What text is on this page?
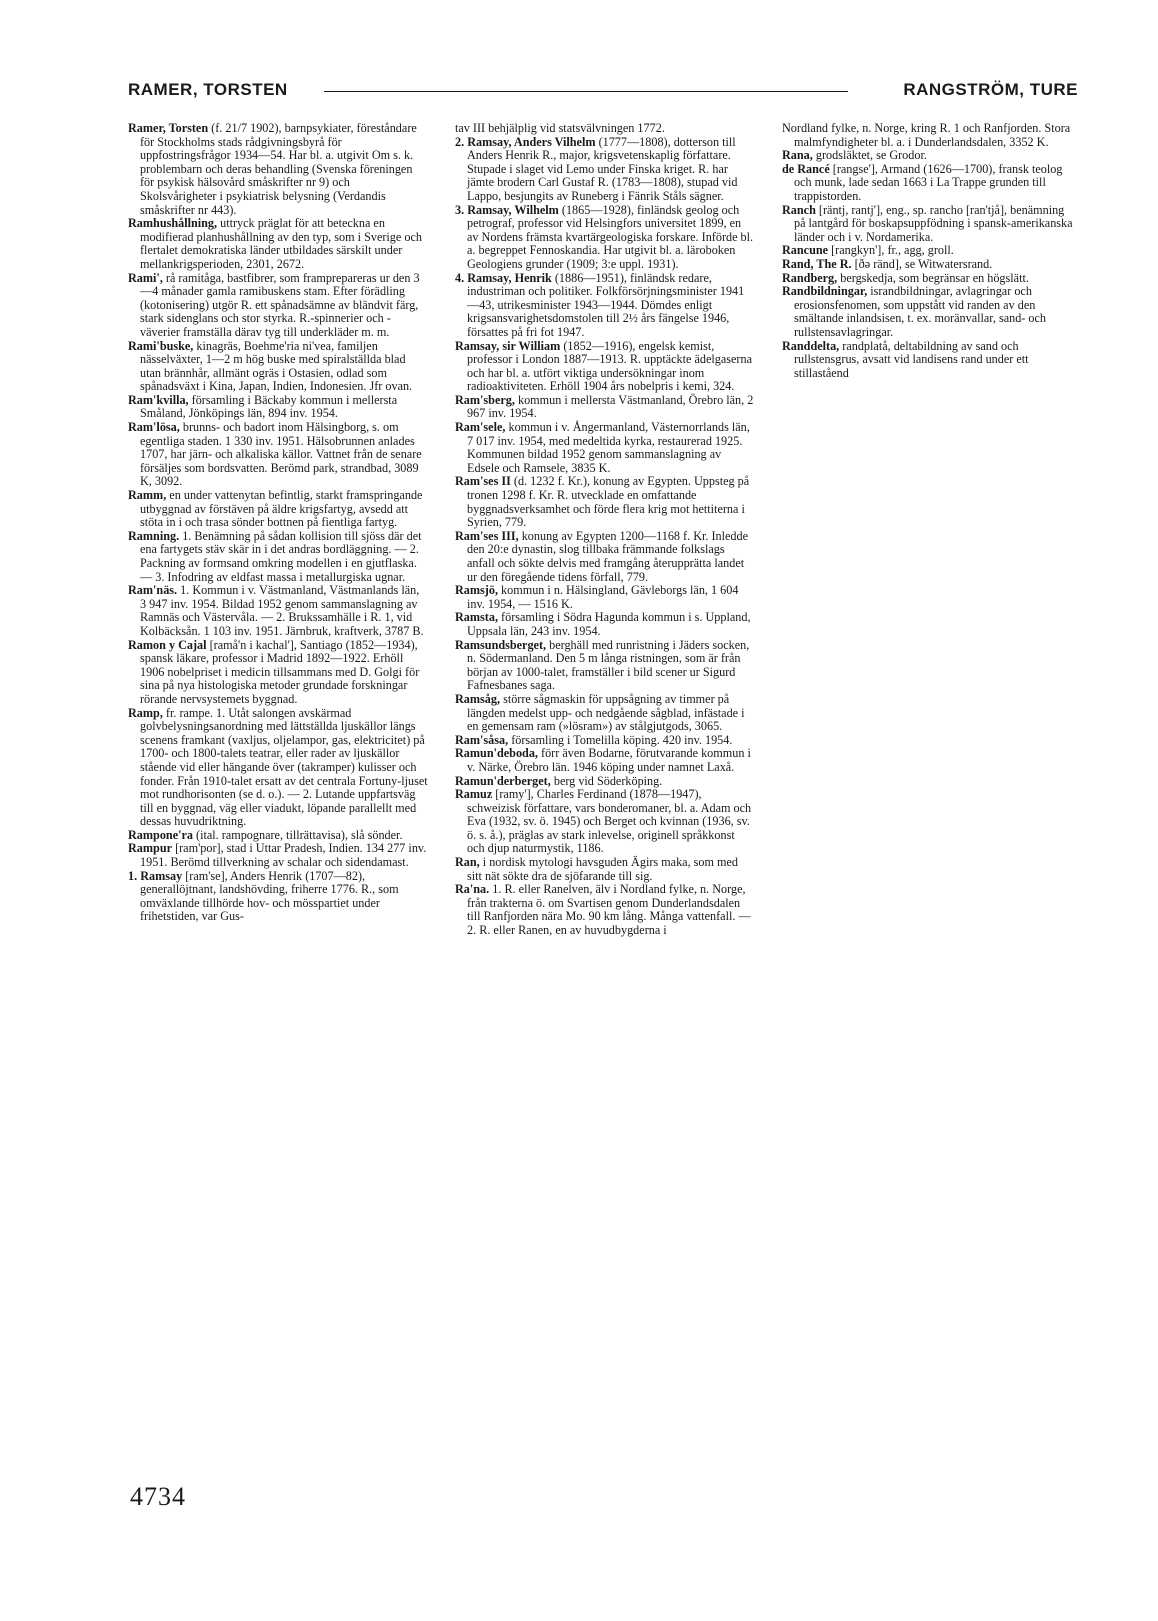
RAMER, TORSTEN	RANGSTRÖM, TURE

Ramer, Torsten (f. 21/7 1902), barnpsykiater, föreståndare för Stockholms stads rådgivningsbyrå för uppfostringsfrågor 1934—54. Har bl. a. utgivit Om s. k. problembarn och deras behandling (Svenska föreningen för psykisk hälsovård småskrifter nr 9) och Skolsvårigheter i psykiatrisk belysning (Verdandis småskrifter nr 443).

Ramhushållning, uttryck präglat för att beteckna en modifierad planhushållning av den typ, som i Sverige och flertalet demokratiska länder utbildades särskilt under mellankrigsperioden, 2301, 2672.

Rami', rå ramitåga, bastfibrer, som framprepareras ur den 3—4 månader gamla ramibuskens stam. Efter förädling (kotonisering) utgör R. ett spånadsämne av bländvit färg, stark sidenglans och stor styrka. R.-spinnerier och -väverier framställa därav tyg till underkläder m. m.

Rami'buske, kinagräs, Boehme'ria ni'vea, familjen nässelväxter, 1—2 m hög buske med spiralställda blad utan brännhår, allmänt ogräs i Ostasien, odlad som spånadsväxt i Kina, Japan, Indien, Indonesien. Jfr ovan.

Ram'kvilla, församling i Bäckaby kommun i mellersta Småland, Jönköpings län, 894 inv. 1954.

Ram'lösa, brunns- och badort inom Hälsingborg, s. om egentliga staden. 1 330 inv. 1951. Hälsobrunnen anlades 1707, har järn- och alkaliska källor. Vattnet från de senare försäljes som bordsvatten. Berömd park, strandbad, 3089 K, 3092.

Ramm, en under vattenytan befintlig, starkt framspringande utbyggnad av förstäven på äldre krigsfartyg, avsedd att stöta in i och trasa sönder bottnen på fientliga fartyg.

Ramning. 1. Benämning på sådan kollision till sjöss där det ena fartygets stäv skär in i det andras bordläggning. — 2. Packning av formsand omkring modellen i en gjutflaska. — 3. Infodring av eldfast massa i metallurgiska ugnar.

Ram'näs. 1. Kommun i v. Västmanland, Västmanlands län, 3 947 inv. 1954. Bildad 1952 genom sammanslagning av Ramnäs och Västervåla. — 2. Brukssamhälle i R. 1, vid Kolbäcksån. 1 103 inv. 1951. Järnbruk, kraftverk, 3787 B.

Ramon y Cajal [ramå'n i kachal'], Santiago (1852—1934), spansk läkare, professor i Madrid 1892—1922. Erhöll 1906 nobelpriset i medicin tillsammans med D. Golgi för sina på nya histologiska metoder grundade forskningar rörande nervsystemets byggnad.

Ramp, fr. rampe. 1. Utåt salongen avskärmad golvbelysningsanordning med lättställda ljuskällor längs scenens framkant (vaxljus, oljelampor, gas, elektricitet) på 1700- och 1800-talets teatrar, eller rader av ljuskällor stående vid eller hängande över (takramper) kulisser och fonder. Från 1910-talet ersatt av det centrala Fortuny-ljuset mot rundhorisonten (se d. o.). — 2. Lutande uppfartsväg till en byggnad, väg eller viadukt, löpande parallellt med dessas huvudriktning.

Rampone'ra (ital. rampognare, tillrättavisa), slå sönder.

Rampur [ram'por], stad i Uttar Pradesh, Indien. 134 277 inv. 1951. Berömd tillverkning av schalar och sidendamast.

1. Ramsay [ram'se], Anders Henrik (1707—82), generallöjtnant, landshövding, friherre 1776. R., som omväxlande tillhörde hov- och mösspartiet under frihetstiden, var Gus-

tav III behjälplig vid statsvälvningen 1772.

2. Ramsay, Anders Vilhelm (1777—1808), dotterson till Anders Henrik R., major, krigsvetenskaplig författare. Stupade i slaget vid Lemo under Finska kriget. R. har jämte brodern Carl Gustaf R. (1783—1808), stupad vid Lappo, besjungits av Runeberg i Fänrik Ståls sägner.

3. Ramsay, Wilhelm (1865—1928), finländsk geolog och petrograf, professor vid Helsingfors universitet 1899, en av Nordens främsta kvartärgeologiska forskare. Införde bl. a. begreppet Fennoskandia. Har utgivit bl. a. läroboken Geologiens grunder (1909; 3:e uppl. 1931).

4. Ramsay, Henrik (1886—1951), finländsk redare, industriman och politiker. Folkförsörjningsminister 1941—43, utrikesminister 1943—1944. Dömdes enligt krigsansvarighetsdomstolen till 2½ års fängelse 1946, försattes på fri fot 1947.

Ramsay, sir William (1852—1916), engelsk kemist, professor i London 1887—1913. R. upptäckte ädelgaserna och har bl. a. utfört viktiga undersökningar inom radioaktiviteten. Erhöll 1904 års nobelpris i kemi, 324.

Ram'sberg, kommun i mellersta Västmanland, Örebro län, 2 967 inv. 1954.

Ram'sele, kommun i v. Ångermanland, Västernorrlands län, 7 017 inv. 1954, med medeltida kyrka, restaurerad 1925. Kommunen bildad 1952 genom sammanslagning av Edsele och Ramsele, 3835 K.

Ram'ses II (d. 1232 f. Kr.), konung av Egypten. Uppsteg på tronen 1298 f. Kr. R. utvecklade en omfattande byggnadsverksamhet och förde flera krig mot hettiterna i Syrien, 779.

Ram'ses III, konung av Egypten 1200—1168 f. Kr. Inledde den 20:e dynastin, slog tillbaka främmande folkslags anfall och sökte delvis med framgång återupprätta landet ur den föregående tidens förfall, 779.

Ramsjö, kommun i n. Hälsingland, Gävleborgs län, 1 604 inv. 1954, — 1516 K.

Ramsta, församling i Södra Hagunda kommun i s. Uppland, Uppsala län, 243 inv. 1954.

Ramsundsberget, berghäll med runristning i Jäders socken, n. Södermanland. Den 5 m långa ristningen, som är från början av 1000-talet, framställer i bild scener ur Sigurd Fafnesbanes saga.

Ramsåg, större sågmaskin för uppsågning av timmer på längden medelst upp- och nedgående sågblad, infästade i en gemensam ram (»lösram») av stålgjutgods, 3065.

Ram'såsa, församling i Tomelilla köping. 420 inv. 1954.

Ramun'deboda, förr även Bodarne, förutvarande kommun i v. Närke, Örebro län. 1946 köping under namnet Laxå.

Ramun'derberget, berg vid Söderköping.

Ramuz [ramy'], Charles Ferdinand (1878—1947), schweizisk författare, vars bonderomaner, bl. a. Adam och Eva (1932, sv. ö. 1945) och Berget och kvinnan (1936, sv. ö. s. å.), präglas av stark inlevelse, originell språkkonst och djup naturmystik, 1186.

Ran, i nordisk mytologi havsguden Ägirs maka, som med sitt nät sökte dra de sjöfarande till sig.

Ra'na. 1. R. eller Ranelven, älv i Nordland fylke, n. Norge, från trakterna ö. om Svartisen genom Dunderlandsdalen till Ranfjorden nära Mo. 90 km lång. Många vattenfall. — 2. R. eller Ranen, en av huvudbygderna i

Nordland fylke, n. Norge, kring R. 1 och Ranfjorden. Stora malmfyndigheter bl. a. i Dunderlandsdalen, 3352 K.

Rana, grodsläktet, se Grodor.

de Rancé [rangse'], Armand (1626—1700), fransk teolog och munk, lade sedan 1663 i La Trappe grunden till trappistorden.

Ranch [räntj, rantj'], eng., sp. rancho [ran'tjå], benämning på lantgård för boskapsuppfödning i spansk-amerikanska länder och i v. Nordamerika.

Rancune [rangkyn'], fr., agg, groll.

Rand, The R. [ðə ränd], se Witwatersrand.

Randberg, bergskedja, som begränsar en högslätt.

Randbildningar, israndbildningar, avlagringar och erosionsfenomen, som uppstått vid randen av den smältande inlandsisen, t. ex. moränvallar, sand- och rullstensavlagringar.

Randdelta, randplatå, deltabildning av sand och rullstensgrus, avsatt vid landisens rand under ett stillaståend

4734
